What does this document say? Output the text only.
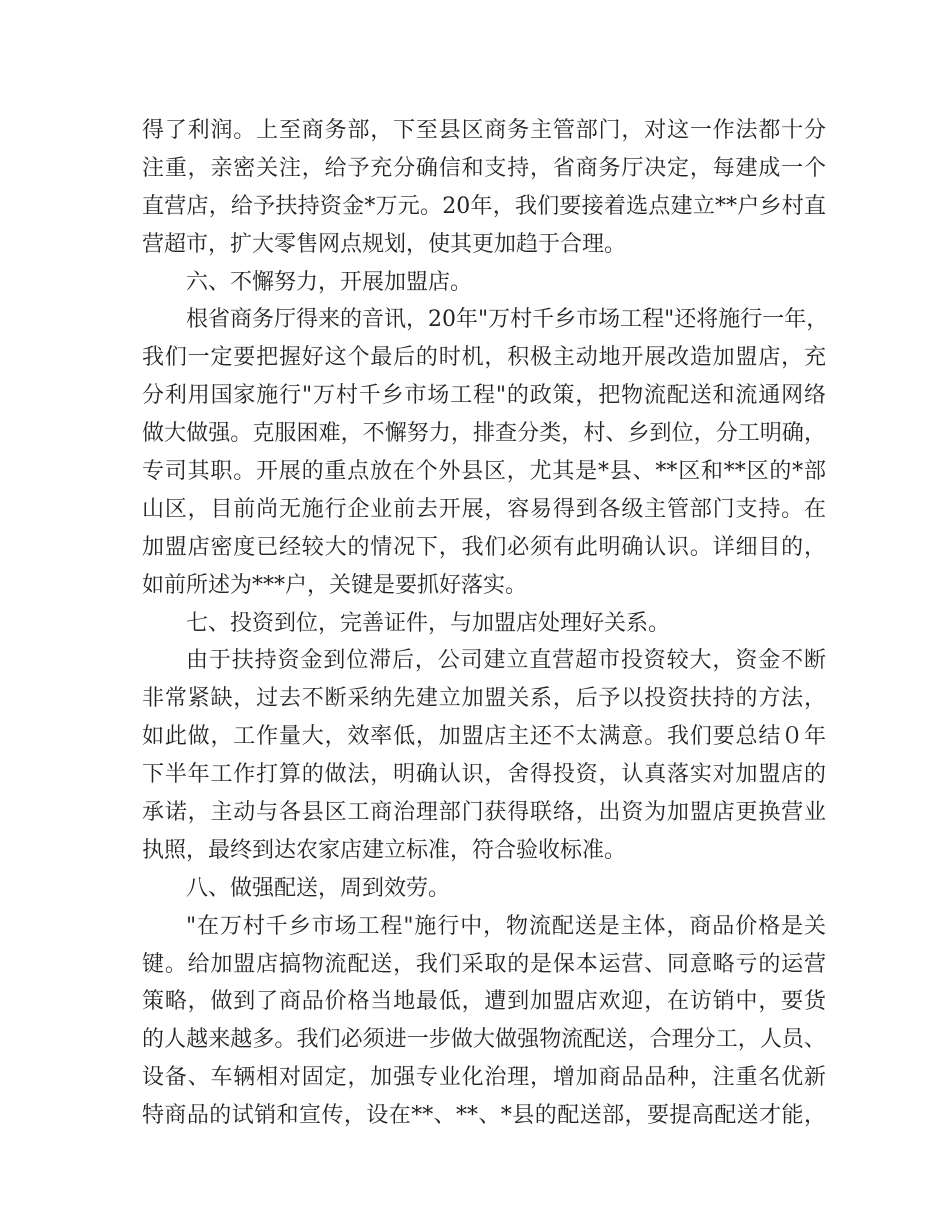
得了利润。上至商务部，下至县区商务主管部门，对这一作法都十分
注重，亲密关注，给予充分确信和支持，省商务厅决定，每建成一个
直营店，给予扶持资金*万元。20年，我们要接着选点建立**户乡村直
营超市，扩大零售网点规划，使其更加趋于合理。
六、不懈努力，开展加盟店。
根省商务厅得来的音讯，20年"万村千乡市场工程"还将施行一年，
我们一定要把握好这个最后的时机，积极主动地开展改造加盟店，充
分利用国家施行"万村千乡市场工程"的政策，把物流配送和流通网络
做大做强。克服困难，不懈努力，排查分类，村、乡到位，分工明确，
专司其职。开展的重点放在个外县区，尤其是*县、**区和**区的*部
山区，目前尚无施行企业前去开展，容易得到各级主管部门支持。在
加盟店密度已经较大的情况下，我们必须有此明确认识。详细目的，
如前所述为***户，关键是要抓好落实。
七、投资到位，完善证件，与加盟店处理好关系。
由于扶持资金到位滞后，公司建立直营超市投资较大，资金不断
非常紧缺，过去不断采纳先建立加盟关系，后予以投资扶持的方法，
如此做，工作量大，效率低，加盟店主还不太满意。我们要总结０年
下半年工作打算的做法，明确认识，舍得投资，认真落实对加盟店的
承诺，主动与各县区工商治理部门获得联络，出资为加盟店更换营业
执照，最终到达农家店建立标准，符合验收标准。
八、做强配送，周到效劳。
"在万村千乡市场工程"施行中，物流配送是主体，商品价格是关
键。给加盟店搞物流配送，我们采取的是保本运营、同意略亏的运营
策略，做到了商品价格当地最低，遭到加盟店欢迎，在访销中，要货
的人越来越多。我们必须进一步做大做强物流配送，合理分工，人员、
设备、车辆相对固定，加强专业化治理，增加商品品种，注重名优新
特商品的试销和宣传，设在**、**、*县的配送部，要提高配送才能，
